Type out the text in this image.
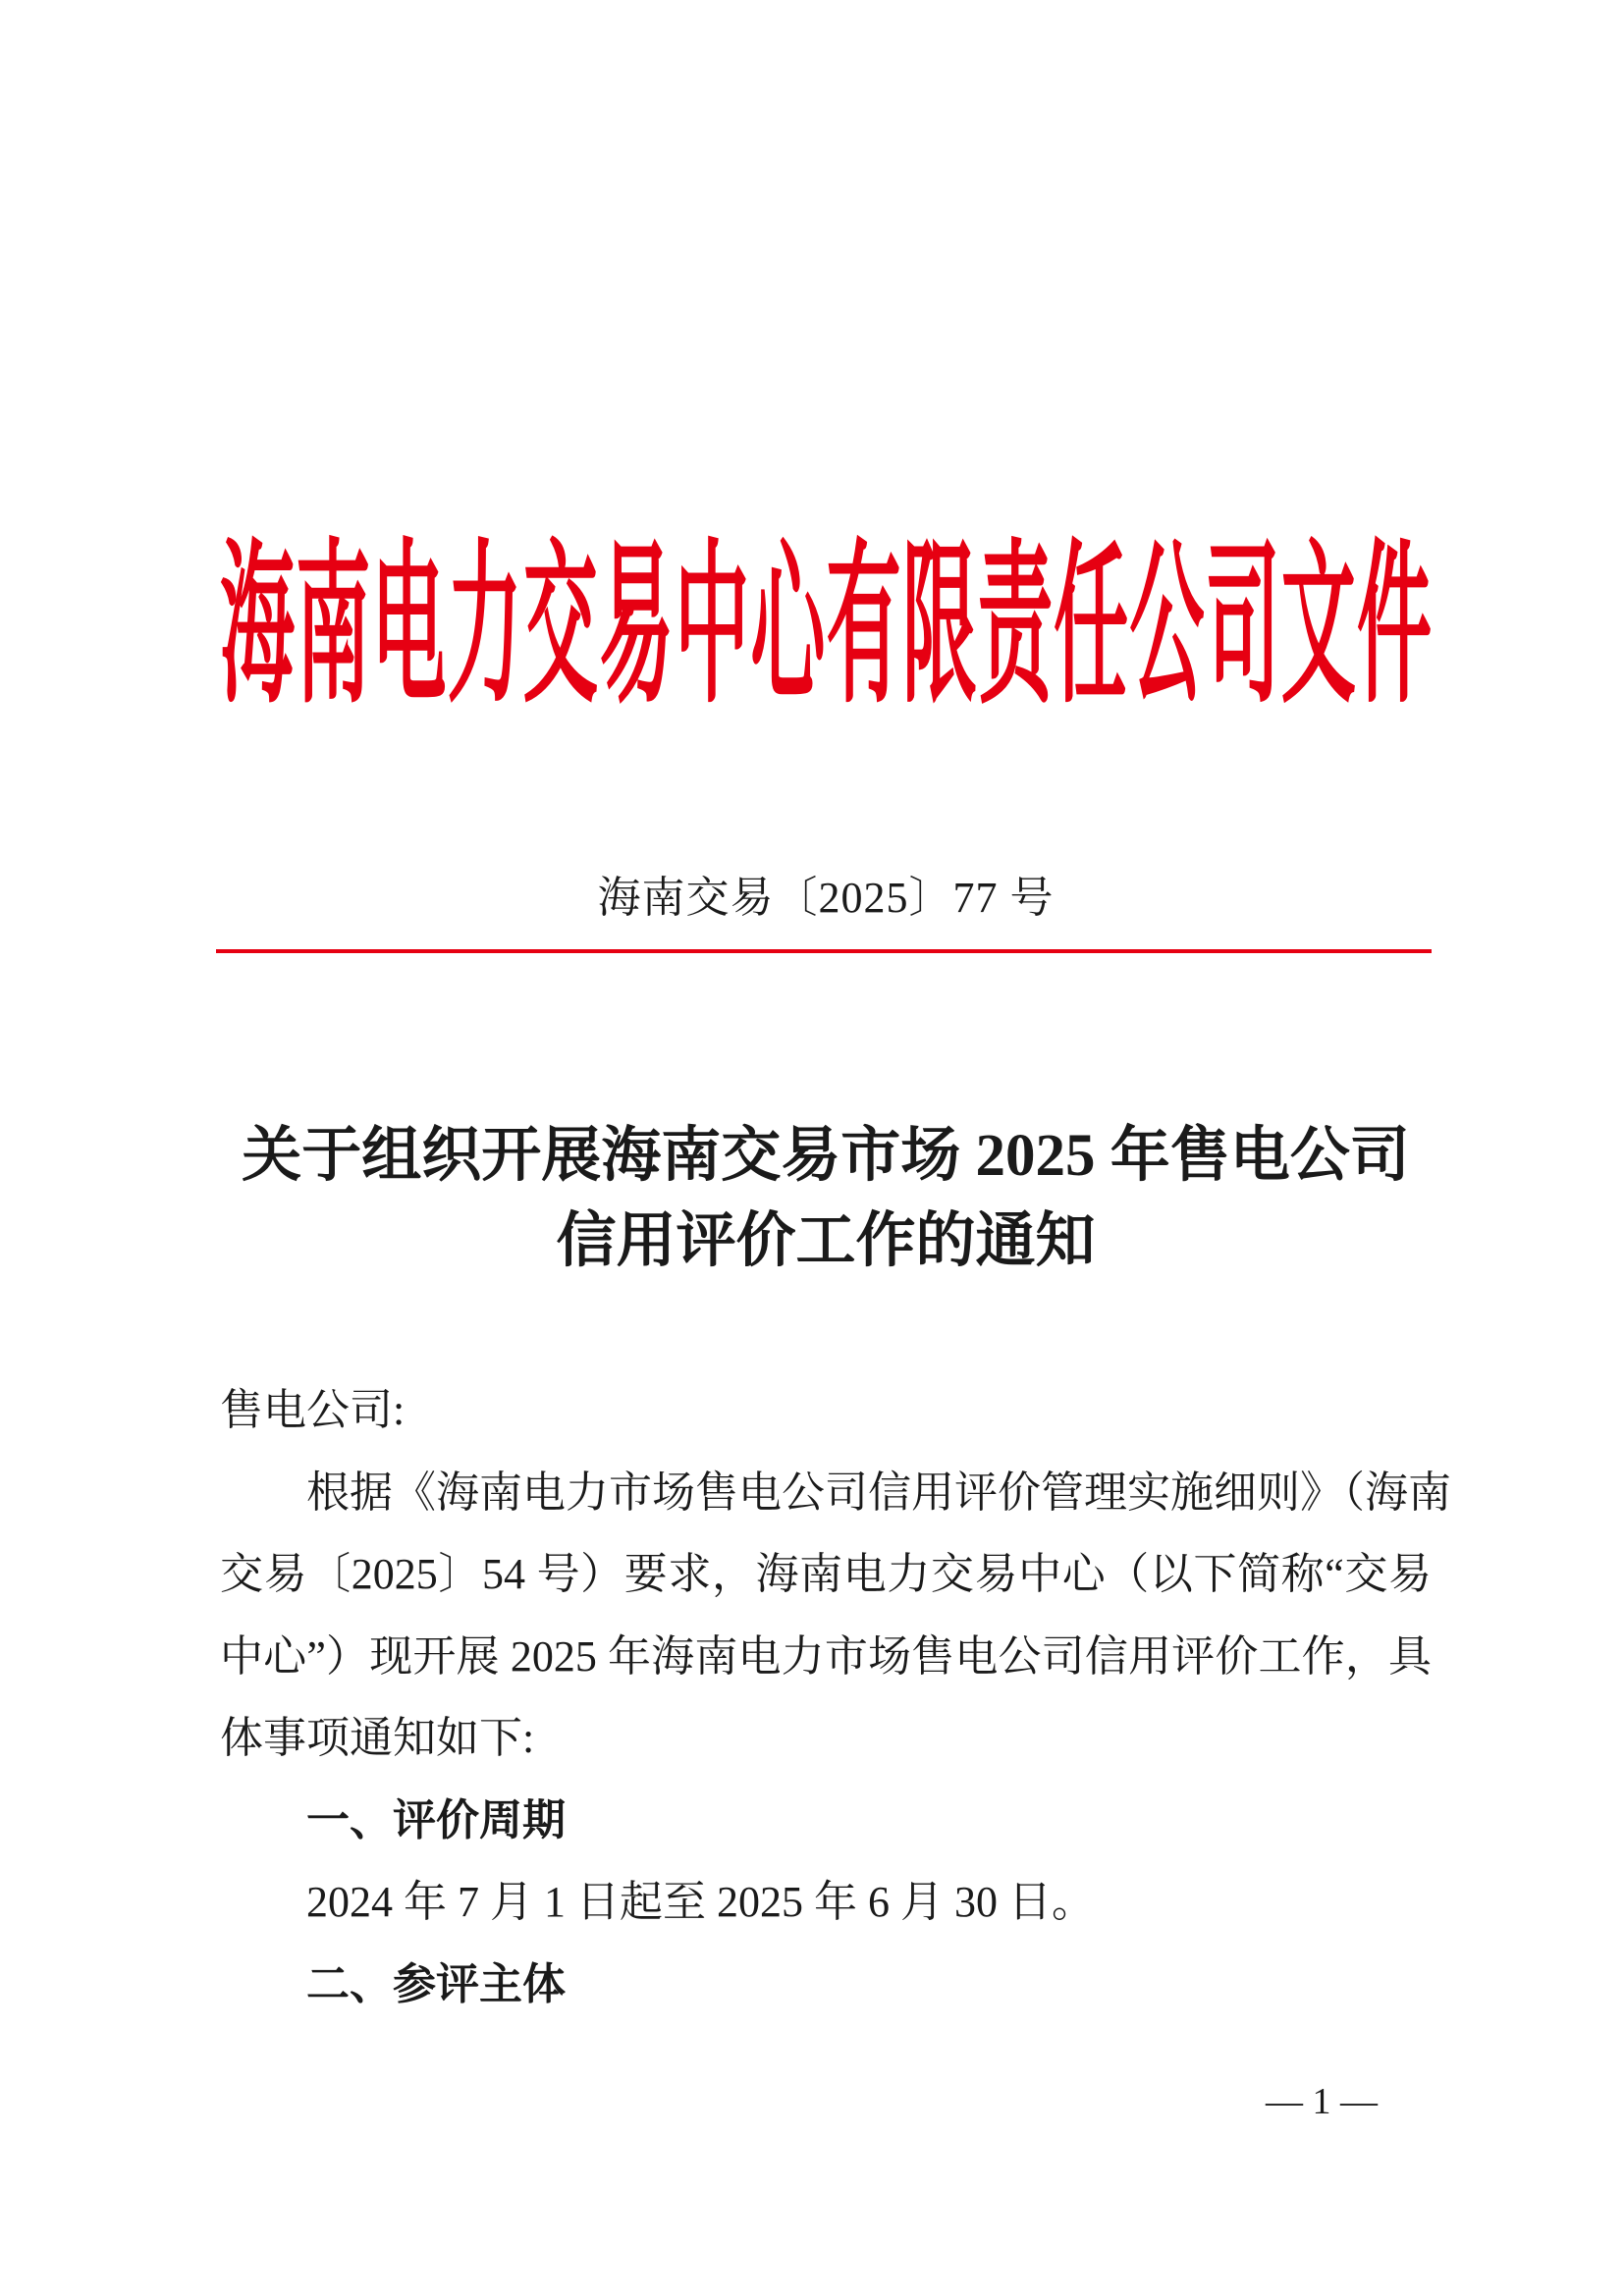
海南电力交易中心有限责任公司文件
海南交易〔2025〕77 号
关于组织开展海南交易市场 2025 年售电公司
信用评价工作的通知
售电公司:
根据《海南电力市场售电公司信用评价管理实施细则》（海南
交易〔2025〕54 号）要求，海南电力交易中心（以下简称“交易
中心”）现开展 2025 年海南电力市场售电公司信用评价工作，具
体事项通知如下:
一、评价周期
2024 年 7 月 1 日起至 2025 年 6 月 30 日。
二、参评主体
— 1 —
